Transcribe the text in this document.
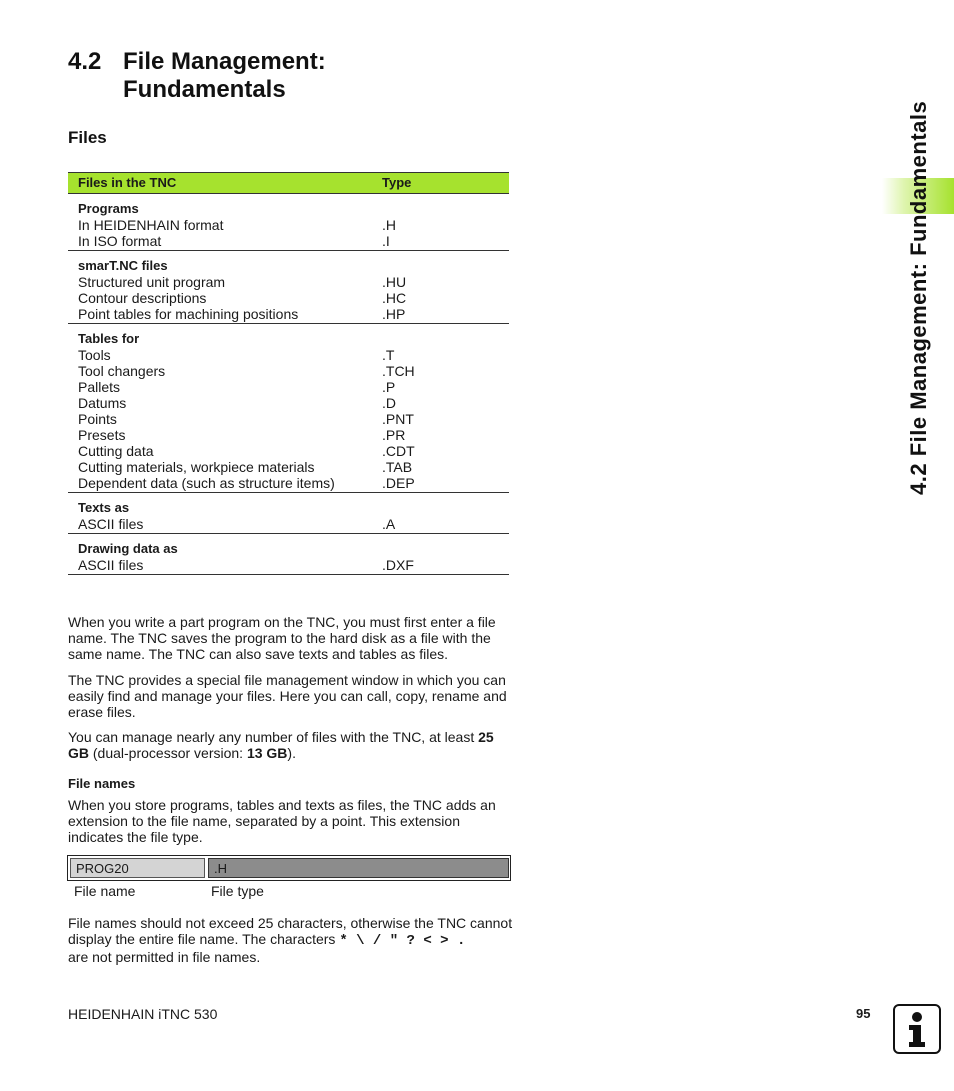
4.2 File Management:
Fundamentals
Files
Files in the TNC	Type
Programs
In HEIDENHAIN format	.H
In ISO format	.I
smarT.NC files
Structured unit program	.HU
Contour descriptions	.HC
Point tables for machining positions	.HP
Tables for
Tools	.T
Tool changers	.TCH
Pallets	.P
Datums	.D
Points	.PNT
Presets	.PR
Cutting data	.CDT
Cutting materials, workpiece materials	.TAB
Dependent data (such as structure items)	.DEP
Texts as
ASCII files	.A
Drawing data as
ASCII files	.DXF
When you write a part program on the TNC, you must first enter a file name. The TNC saves the program to the hard disk as a file with the same name. The TNC can also save texts and tables as files.
The TNC provides a special file management window in which you can easily find and manage your files. Here you can call, copy, rename and erase files.
You can manage nearly any number of files with the TNC, at least 25 GB (dual-processor version: 13 GB).
File names
When you store programs, tables and texts as files, the TNC adds an extension to the file name, separated by a point. This extension indicates the file type.
PROG20	.H
File name	File type
File names should not exceed 25 characters, otherwise the TNC cannot display the entire file name. The characters * \ / " ? < > .
are not permitted in file names.
4.2 File Management: Fundamentals
HEIDENHAIN iTNC 530	95
